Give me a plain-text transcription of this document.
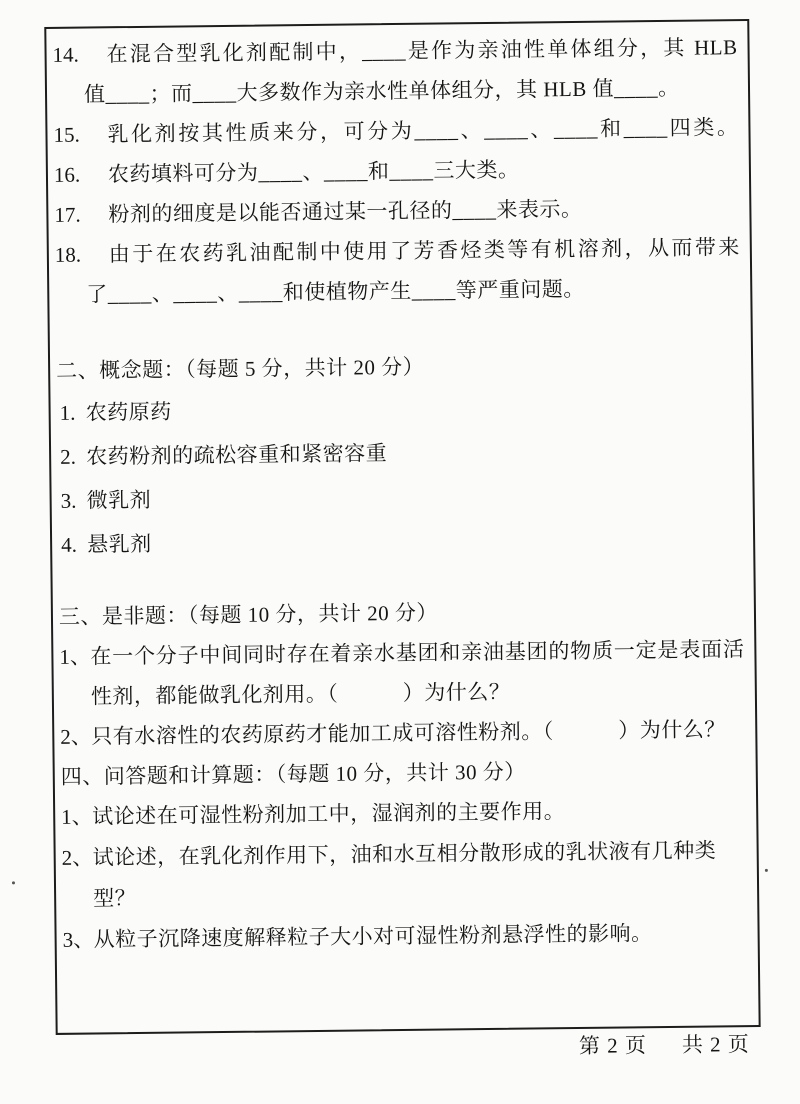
14.	在混合型乳化剂配制中，____是作为亲油性单体组分，其 HLB
值____；而____大多数作为亲水性单体组分，其 HLB 值____。
15.	乳化剂按其性质来分，可分为____、____、____和____四类。
16.	农药填料可分为____、____和____三大类。
17.	粉剂的细度是以能否通过某一孔径的____来表示。
18.	由于在农药乳油配制中使用了芳香烃类等有机溶剂，从而带来
了____、____、____和使植物产生____等严重问题。
二、概念题：（每题 5 分，共计 20 分）
1. 农药原药
2. 农药粉剂的疏松容重和紧密容重
3. 微乳剂
4. 悬乳剂
三、是非题：（每题 10 分，共计 20 分）
1、 在一个分子中间同时存在着亲水基团和亲油基团的物质一定是表面活
性剂，都能做乳化剂用。（　　　）为什么？
2、 只有水溶性的农药原药才能加工成可溶性粉剂。（　　　）为什么？
四、问答题和计算题：（每题 10 分，共计 30 分）
1、 试论述在可湿性粉剂加工中，湿润剂的主要作用。
2、 试论述，在乳化剂作用下，油和水互相分散形成的乳状液有几种类型？
3、 从粒子沉降速度解释粒子大小对可湿性粉剂悬浮性的影响。
第 2 页 共 2 页
